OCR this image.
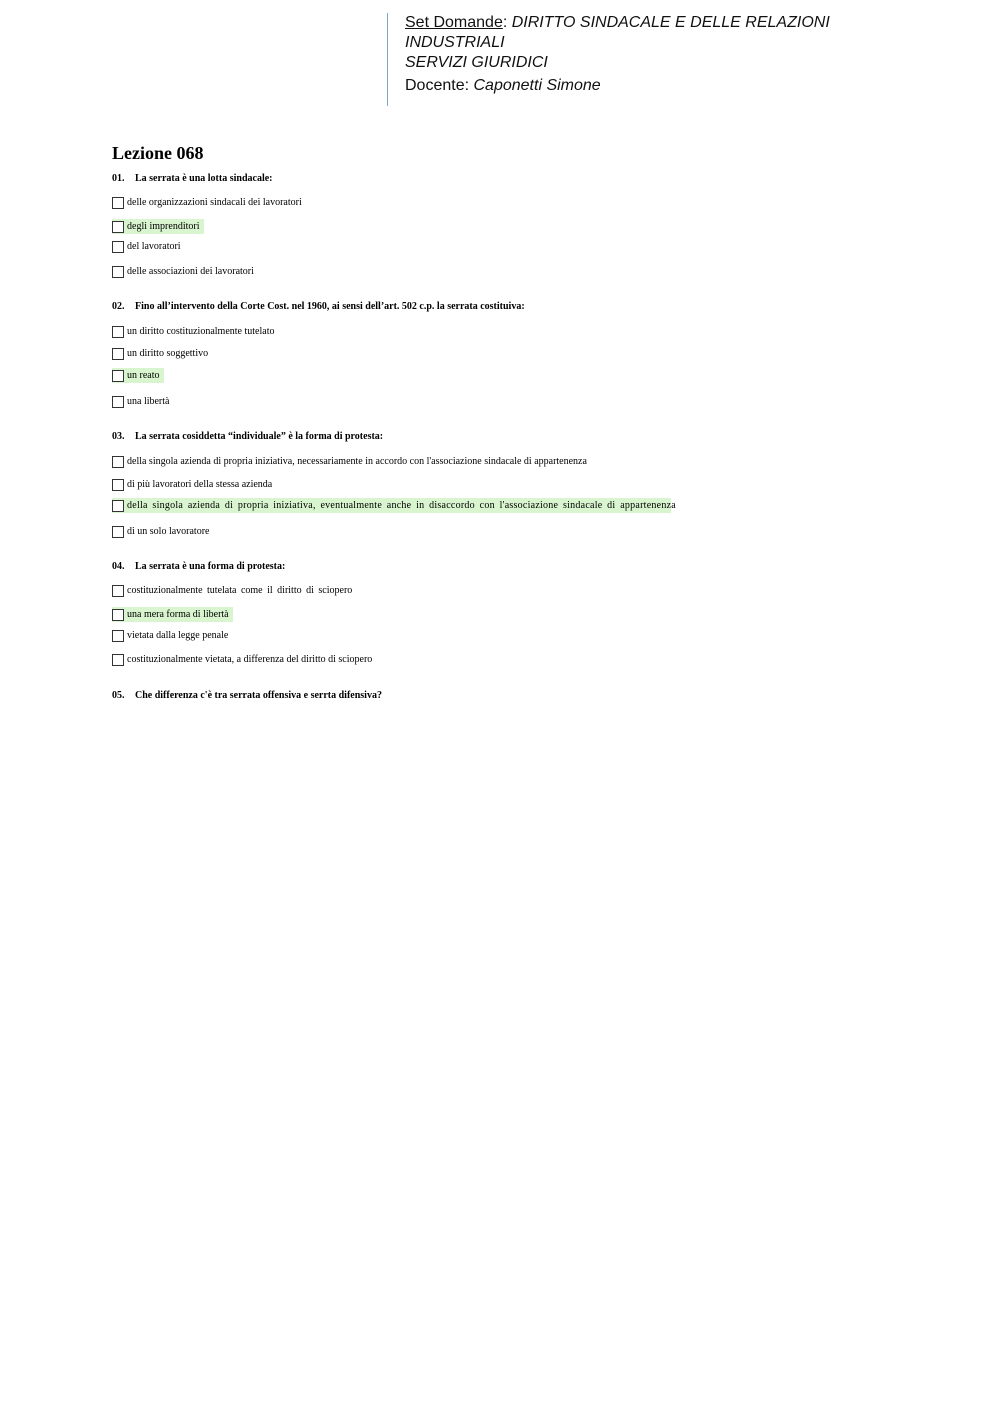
Set Domande: DIRITTO SINDACALE E DELLE RELAZIONI
INDUSTRIALI
SERVIZI GIURIDICI
Docente: Caponetti Simone
Lezione 068
01. La serrata è una lotta sindacale:
delle organizzazioni sindacali dei lavoratori
degli imprenditori
del lavoratori
delle associazioni dei lavoratori
02. Fino all’intervento della Corte Cost. nel 1960, ai sensi dell’art. 502 c.p. la serrata costituiva:
un diritto costituzionalmente tutelato
un diritto soggettivo
un reato
una libertà
03. La serrata cosiddetta “individuale” è la forma di protesta:
della singola azienda di propria iniziativa, necessariamente in accordo con l'associazione sindacale di appartenenza
di più lavoratori della stessa azienda
della singola azienda di propria iniziativa, eventualmente anche in disaccordo con l'associazione sindacale di appartenenza
di un solo lavoratore
04. La serrata è una forma di protesta:
costituzionalmente tutelata come il diritto di sciopero
una mera forma di libertà
vietata dalla legge penale
costituzionalmente vietata, a differenza del diritto di sciopero
05. Che differenza c'è tra serrata offensiva e serrta difensiva?
